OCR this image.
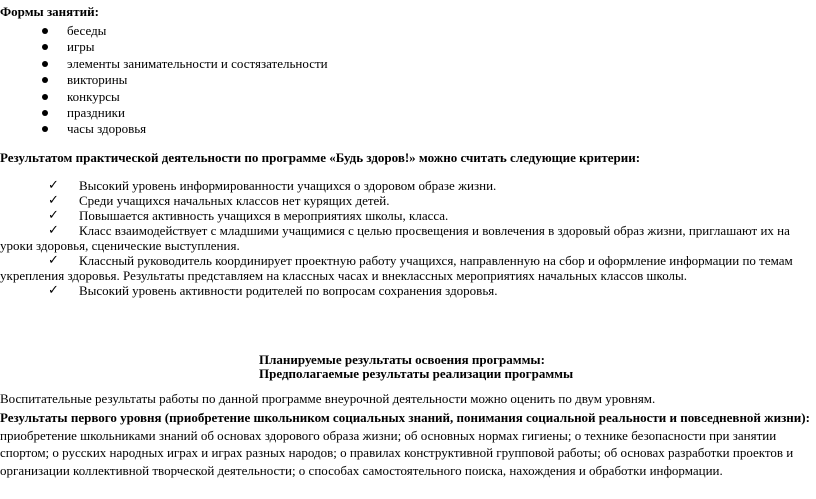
Формы занятий:
беседы
игры
элементы занимательности и состязательности
викторины
конкурсы
праздники
часы здоровья
Результатом практической деятельности по программе «Будь здоров!» можно считать следующие критерии:
✓	Высокий уровень информированности учащихся о здоровом образе жизни.
✓	Среди учащихся начальных классов нет курящих детей.
✓	Повышается активность учащихся в мероприятиях школы, класса.
✓	Класс взаимодействует с младшими учащимися с целью просвещения и вовлечения в здоровый образ жизни, приглашают их на уроки здоровья, сценические выступления.
✓	Классный руководитель координирует проектную работу учащихся, направленную на сбор и оформление информации по темам укрепления здоровья. Результаты представляем на классных часах и внеклассных мероприятиях начальных классов школы.
✓	Высокий уровень активности родителей по вопросам сохранения здоровья.
Планируемые результаты освоения программы:
Предполагаемые результаты реализации программы
Воспитательные результаты работы по данной программе внеурочной деятельности можно оценить по двум уровням.
Результаты первого уровня (приобретение школьником социальных знаний, понимания социальной реальности и повседневной жизни): приобретение школьниками знаний об основах здорового образа жизни; об основных нормах гигиены; о технике безопасности при занятии спортом; о русских народных играх и играх разных народов; о правилах конструктивной групповой работы; об основах разработки проектов и организации коллективной творческой деятельности; о способах самостоятельного поиска, нахождения и обработки информации.
